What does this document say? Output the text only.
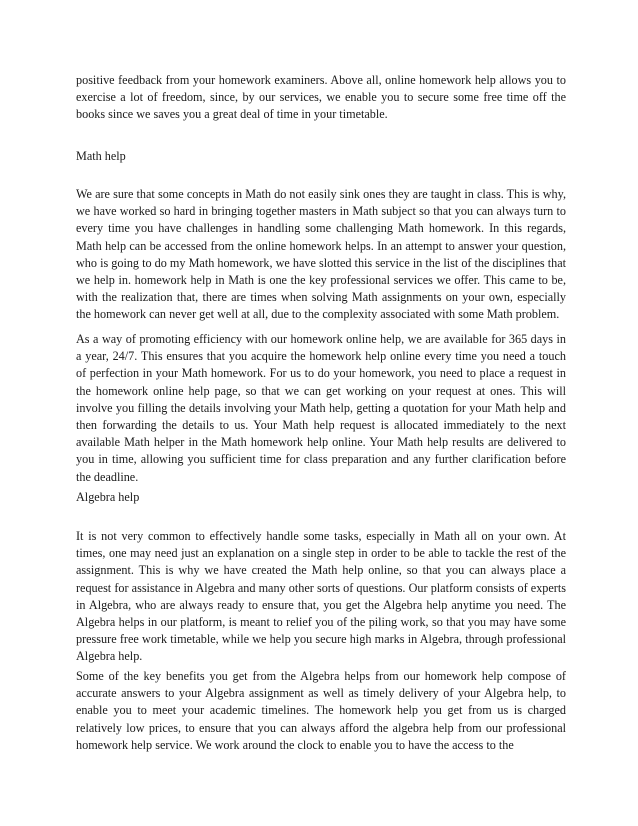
positive feedback from your homework examiners. Above all, online homework help allows you to exercise a lot of freedom, since, by our services, we enable you to secure some free time off the books since we saves you a great deal of time in your timetable.

Math help

We are sure that some concepts in Math do not easily sink ones they are taught in class. This is why, we have worked so hard in bringing together masters in Math subject so that you can always turn to every time you have challenges in handling some challenging Math homework. In this regards, Math help can be accessed from the online homework helps. In an attempt to answer your question, who is going to do my Math homework, we have slotted this service in the list of the disciplines that we help in. homework help in Math is one the key professional services we offer. This came to be, with the realization that, there are times when solving Math assignments on your own, especially the homework can never get well at all, due to the complexity associated with some Math problem.

As a way of promoting efficiency with our homework online help, we are available for 365 days in a year, 24/7. This ensures that you acquire the homework help online every time you need a touch of perfection in your Math homework. For us to do your homework, you need to place a request in the homework online help page, so that we can get working on your request at ones. This will involve you filling the details involving your Math help, getting a quotation for your Math help and then forwarding the details to us. Your Math help request is allocated immediately to the next available Math helper in the Math homework help online. Your Math help results are delivered to you in time, allowing you sufficient time for class preparation and any further clarification before the deadline.

Algebra help

It is not very common to effectively handle some tasks, especially in Math all on your own. At times, one may need just an explanation on a single step in order to be able to tackle the rest of the assignment. This is why we have created the Math help online, so that you can always place a request for assistance in Algebra and many other sorts of questions. Our platform consists of experts in Algebra, who are always ready to ensure that, you get the Algebra help anytime you need. The Algebra helps in our platform, is meant to relief you of the piling work, so that you may have some pressure free work timetable, while we help you secure high marks in Algebra, through professional Algebra help.

Some of the key benefits you get from the Algebra helps from our homework help compose of accurate answers to your Algebra assignment as well as timely delivery of your Algebra help, to enable you to meet your academic timelines. The homework help you get from us is charged relatively low prices, to ensure that you can always afford the algebra help from our professional homework help service. We work around the clock to enable you to have the access to the
